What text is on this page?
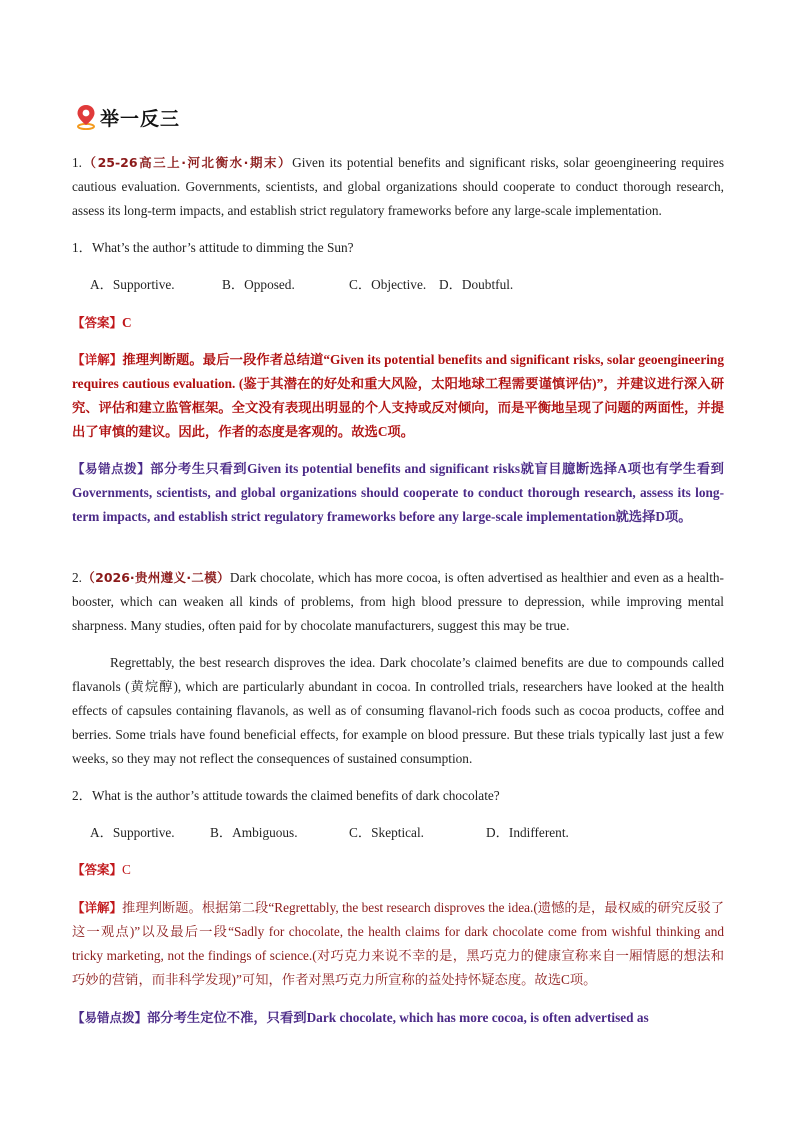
举一反三
1.（25-26高三上·河北衡水·期末）Given its potential benefits and significant risks, solar geoengineering requires cautious evaluation. Governments, scientists, and global organizations should cooperate to conduct thorough research, assess its long-term impacts, and establish strict regulatory frameworks before any large-scale implementation.
1．What’s the author’s attitude to dimming the Sun?
A．Supportive.	B．Opposed.	C．Objective. D．Doubtful.
【答案】C
【详解】推理判断题。最后一段作者总结道“Given its potential benefits and significant risks, solar geoengineering requires cautious evaluation. (鉴于其潜在的好处和重大风险，太阳地球工程需要谨慎评估)”，并建议进行深入研究、评估和建立监管框架。全文没有表现出明显的个人支持或反对倾向，而是平衡地呈现了问题的两面性，并提出了审慎的建议。因此，作者的态度是客观的。故选C项。
【易错点拨】部分考生只看到Given its potential benefits and significant risks就盲目臆断选择A项也有学生看到Governments, scientists, and global organizations should cooperate to conduct thorough research, assess its long-term impacts, and establish strict regulatory frameworks before any large-scale implementation就选择D项。
2.（2026·贵州遵义·二模）Dark chocolate, which has more cocoa, is often advertised as healthier and even as a health-booster, which can weaken all kinds of problems, from high blood pressure to depression, while improving mental sharpness. Many studies, often paid for by chocolate manufacturers, suggest this may be true.
Regrettably, the best research disproves the idea. Dark chocolate’s claimed benefits are due to compounds called flavanols (黄烷醇), which are particularly abundant in cocoa. In controlled trials, researchers have looked at the health effects of capsules containing flavanols, as well as of consuming flavanol-rich foods such as cocoa products, coffee and berries. Some trials have found beneficial effects, for example on blood pressure. But these trials typically last just a few weeks, so they may not reflect the consequences of sustained consumption.
2．What is the author’s attitude towards the claimed benefits of dark chocolate?
A．Supportive.	B．Ambiguous.	C．Skeptical.	D．Indifferent.
【答案】C
【详解】推理判断题。根据第二段“Regrettably, the best research disproves the idea.(遗憾的是，最权威的研究反驳了这一观点)”以及最后一段“Sadly for chocolate, the health claims for dark chocolate come from wishful thinking and tricky marketing, not the findings of science.(对巧克力来说不幸的是，黑巧克力的健康宣称来自一厢情愿的想法和巧妙的营销，而非科学发现)”可知，作者对黑巧克力所宣称的益处持怀疑态度。故选C项。
【易错点拨】部分考生定位不准，只看到Dark chocolate, which has more cocoa, is often advertised as
